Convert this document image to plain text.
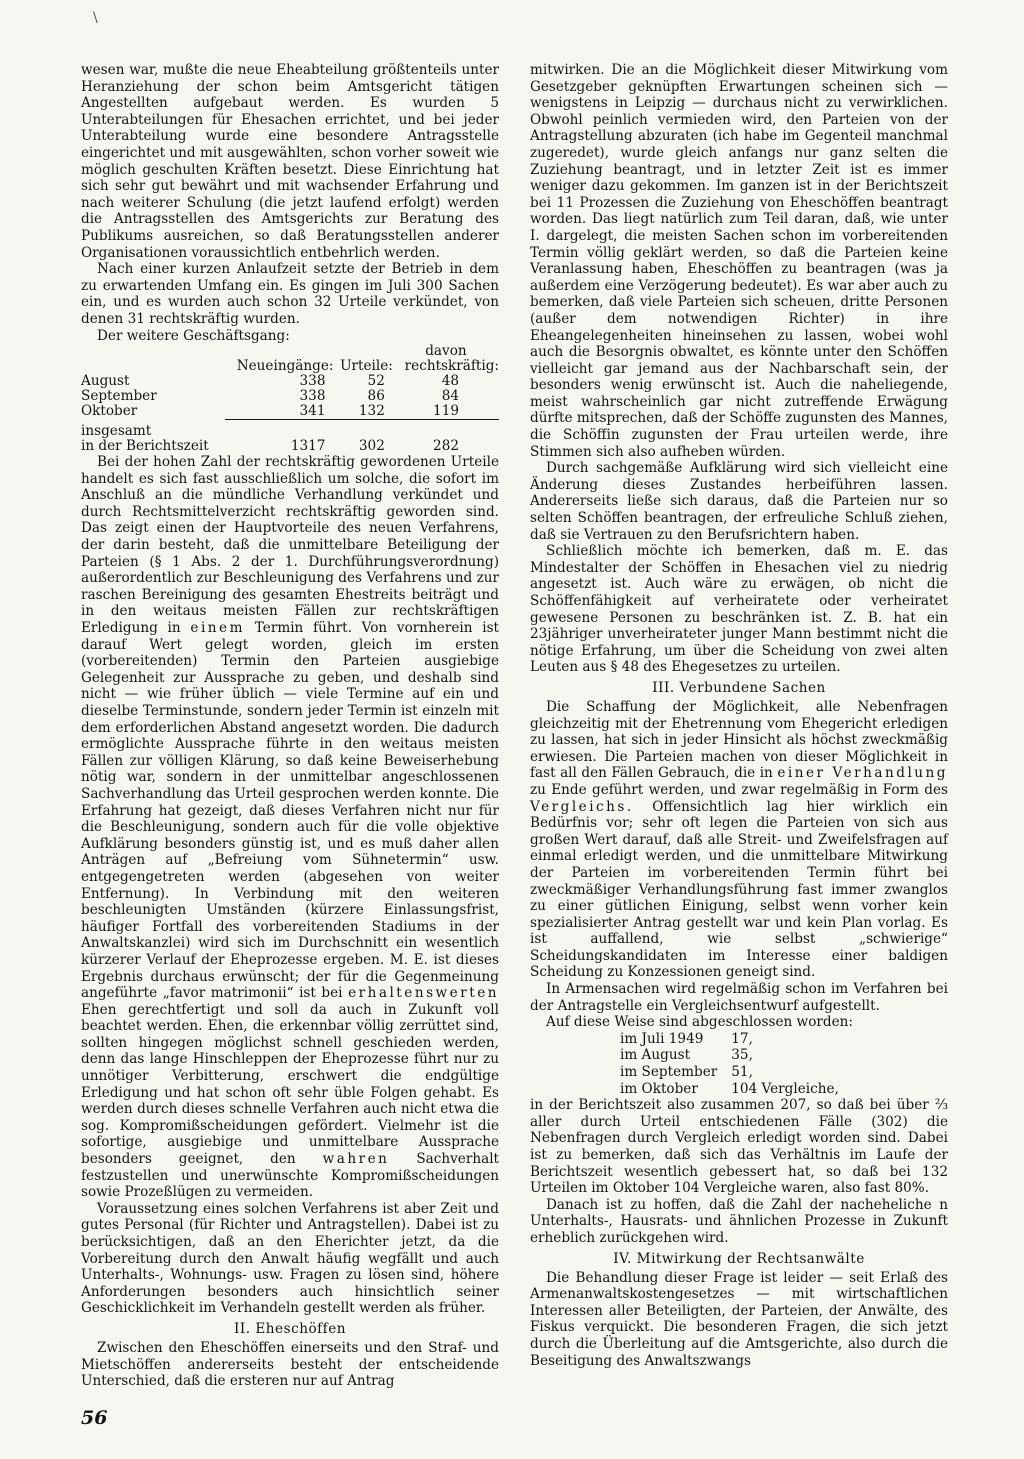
\

wesen war, mußte die neue Eheabteilung größtenteils unter Heranziehung der schon beim Amtsgericht tätigen Angestellten aufgebaut werden. Es wurden 5 Unterabteilungen für Ehesachen errichtet, und bei jeder Unterabteilung wurde eine besondere Antragsstelle eingerichtet und mit ausgewählten, schon vorher soweit wie möglich geschulten Kräften besetzt. Diese Einrichtung hat sich sehr gut bewährt und mit wachsender Erfahrung und nach weiterer Schulung (die jetzt laufend erfolgt) werden die Antragsstellen des Amtsgerichts zur Beratung des Publikums ausreichen, so daß Beratungsstellen anderer Organisationen voraussichtlich entbehrlich werden.

Nach einer kurzen Anlaufzeit setzte der Betrieb in dem zu erwartenden Umfang ein. Es gingen im Juli 300 Sachen ein, und es wurden auch schon 32 Urteile verkündet, von denen 31 rechtskräftig wurden.

Der weitere Geschäftsgang:

	Neueingänge:	Urteile:	davon
rechtskräftig:

August	338	52	48
September	338	86	84
Oktober	341	132	119
insgesamt			
in der Berichtszeit	1317	302	282

Bei der hohen Zahl der rechtskräftig gewordenen Urteile handelt es sich fast ausschließlich um solche, die sofort im Anschluß an die mündliche Verhandlung verkündet und durch Rechtsmittelverzicht rechtskräftig geworden sind. Das zeigt einen der Hauptvorteile des neuen Verfahrens, der darin besteht, daß die unmittelbare Beteiligung der Parteien (§ 1 Abs. 2 der 1. Durchführungsverordnung) außerordentlich zur Beschleunigung des Verfahrens und zur raschen Bereinigung des gesamten Ehestreits beiträgt und in den weitaus meisten Fällen zur rechtskräftigen Erledigung in einem Termin führt. Von vornherein ist darauf Wert gelegt worden, gleich im ersten (vorbereitenden) Termin den Parteien ausgiebige Gelegenheit zur Aussprache zu geben, und deshalb sind nicht — wie früher üblich — viele Termine auf ein und dieselbe Terminstunde, sondern jeder Termin ist einzeln mit dem erforderlichen Abstand angesetzt worden. Die dadurch ermöglichte Aussprache führte in den weitaus meisten Fällen zur völligen Klärung, so daß keine Beweiserhebung nötig war, sondern in der unmittelbar angeschlossenen Sachverhandlung das Urteil gesprochen werden konnte. Die Erfahrung hat gezeigt, daß dieses Verfahren nicht nur für die Beschleunigung, sondern auch für die volle objektive Aufklärung besonders günstig ist, und es muß daher allen Anträgen auf „Befreiung vom Sühnetermin“ usw. entgegengetreten werden (abgesehen von weiter Entfernung). In Verbindung mit den weiteren beschleunigten Umständen (kürzere Einlassungsfrist, häufiger Fortfall des vorbereitenden Stadiums in der Anwaltskanzlei) wird sich im Durchschnitt ein wesentlich kürzerer Verlauf der Eheprozesse ergeben. M. E. ist dieses Ergebnis durchaus erwünscht; der für die Gegenmeinung angeführte „favor matrimonii“ ist bei erhaltenswerten Ehen gerechtfertigt und soll da auch in Zukunft voll beachtet werden. Ehen, die erkennbar völlig zerrüttet sind, sollten hingegen möglichst schnell geschieden werden, denn das lange Hinschleppen der Eheprozesse führt nur zu unnötiger Verbitterung, erschwert die endgültige Erledigung und hat schon oft sehr üble Folgen gehabt. Es werden durch dieses schnelle Verfahren auch nicht etwa die sog. Kompromißscheidungen gefördert. Vielmehr ist die sofortige, ausgiebige und unmittelbare Aussprache besonders geeignet, den wahren Sachverhalt festzustellen und unerwünschte Kompromißscheidungen sowie Prozeßlügen zu vermeiden.

Voraussetzung eines solchen Verfahrens ist aber Zeit und gutes Personal (für Richter und Antragstellen). Dabei ist zu berücksichtigen, daß an den Eherichter jetzt, da die Vorbereitung durch den Anwalt häufig wegfällt und auch Unterhalts-, Wohnungs- usw. Fragen zu lösen sind, höhere Anforderungen besonders auch hinsichtlich seiner Geschicklichkeit im Verhandeln gestellt werden als früher.

II. Eheschöffen

Zwischen den Eheschöffen einerseits und den Straf- und Mietschöffen andererseits besteht der entscheidende Unterschied, daß die ersteren nur auf Antrag

mitwirken. Die an die Möglichkeit dieser Mitwirkung vom Gesetzgeber geknüpften Erwartungen scheinen sich — wenigstens in Leipzig — durchaus nicht zu verwirklichen. Obwohl peinlich vermieden wird, den Parteien von der Antragstellung abzuraten (ich habe im Gegenteil manchmal zugeredet), wurde gleich anfangs nur ganz selten die Zuziehung beantragt, und in letzter Zeit ist es immer weniger dazu gekommen. Im ganzen ist in der Berichtszeit bei 11 Prozessen die Zuziehung von Eheschöffen beantragt worden. Das liegt natürlich zum Teil daran, daß, wie unter I. dargelegt, die meisten Sachen schon im vorbereitenden Termin völlig geklärt werden, so daß die Parteien keine Veranlassung haben, Eheschöffen zu beantragen (was ja außerdem eine Verzögerung bedeutet). Es war aber auch zu bemerken, daß viele Parteien sich scheuen, dritte Personen (außer dem notwendigen Richter) in ihre Eheangelegenheiten hineinsehen zu lassen, wobei wohl auch die Besorgnis obwaltet, es könnte unter den Schöffen vielleicht gar jemand aus der Nachbarschaft sein, der besonders wenig erwünscht ist. Auch die naheliegende, meist wahrscheinlich gar nicht zutreffende Erwägung dürfte mitsprechen, daß der Schöffe zugunsten des Mannes, die Schöffin zugunsten der Frau urteilen werde, ihre Stimmen sich also aufheben würden.

Durch sachgemäße Aufklärung wird sich vielleicht eine Änderung dieses Zustandes herbeiführen lassen. Andererseits ließe sich daraus, daß die Parteien nur so selten Schöffen beantragen, der erfreuliche Schluß ziehen, daß sie Vertrauen zu den Berufsrichtern haben.

Schließlich möchte ich bemerken, daß m. E. das Mindestalter der Schöffen in Ehesachen viel zu niedrig angesetzt ist. Auch wäre zu erwägen, ob nicht die Schöffenfähigkeit auf verheiratete oder verheiratet gewesene Personen zu beschränken ist. Z. B. hat ein 23jähriger unverheirateter junger Mann bestimmt nicht die nötige Erfahrung, um über die Scheidung von zwei alten Leuten aus § 48 des Ehegesetzes zu urteilen.

III. Verbundene Sachen

Die Schaffung der Möglichkeit, alle Nebenfragen gleichzeitig mit der Ehetrennung vom Ehegericht erledigen zu lassen, hat sich in jeder Hinsicht als höchst zweckmäßig erwiesen. Die Parteien machen von dieser Möglichkeit in fast all den Fällen Gebrauch, die in einer Verhandlung zu Ende geführt werden, und zwar regelmäßig in Form des Vergleichs. Offensichtlich lag hier wirklich ein Bedürfnis vor; sehr oft legen die Parteien von sich aus großen Wert darauf, daß alle Streit- und Zweifelsfragen auf einmal erledigt werden, und die unmittelbare Mitwirkung der Parteien im vorbereitenden Termin führt bei zweckmäßiger Verhandlungsführung fast immer zwanglos zu einer gütlichen Einigung, selbst wenn vorher kein spezialisierter Antrag gestellt war und kein Plan vorlag. Es ist auffallend, wie selbst „schwierige“ Scheidungskandidaten im Interesse einer baldigen Scheidung zu Konzessionen geneigt sind.

In Armensachen wird regelmäßig schon im Verfahren bei der Antragstelle ein Vergleichsentwurf aufgestellt.

Auf diese Weise sind abgeschlossen worden:

im Juli 1949	17,
im August	35,
im September	51,
im Oktober	104 Vergleiche,

in der Berichtszeit also zusammen 207, so daß bei über ⅔ aller durch Urteil entschiedenen Fälle (302) die Nebenfragen durch Vergleich erledigt worden sind. Dabei ist zu bemerken, daß sich das Verhältnis im Laufe der Berichtszeit wesentlich gebessert hat, so daß bei 132 Urteilen im Oktober 104 Vergleiche waren, also fast 80%.

Danach ist zu hoffen, daß die Zahl der nacheheliche n Unterhalts-, Hausrats- und ähnlichen Prozesse in Zukunft erheblich zurückgehen wird.

IV. Mitwirkung der Rechtsanwälte

Die Behandlung dieser Frage ist leider — seit Erlaß des Armenanwaltskostengesetzes — mit wirtschaftlichen Interessen aller Beteiligten, der Parteien, der Anwälte, des Fiskus verquickt. Die besonderen Fragen, die sich jetzt durch die Überleitung auf die Amtsgerichte, also durch die Beseitigung des Anwaltszwangs

56
